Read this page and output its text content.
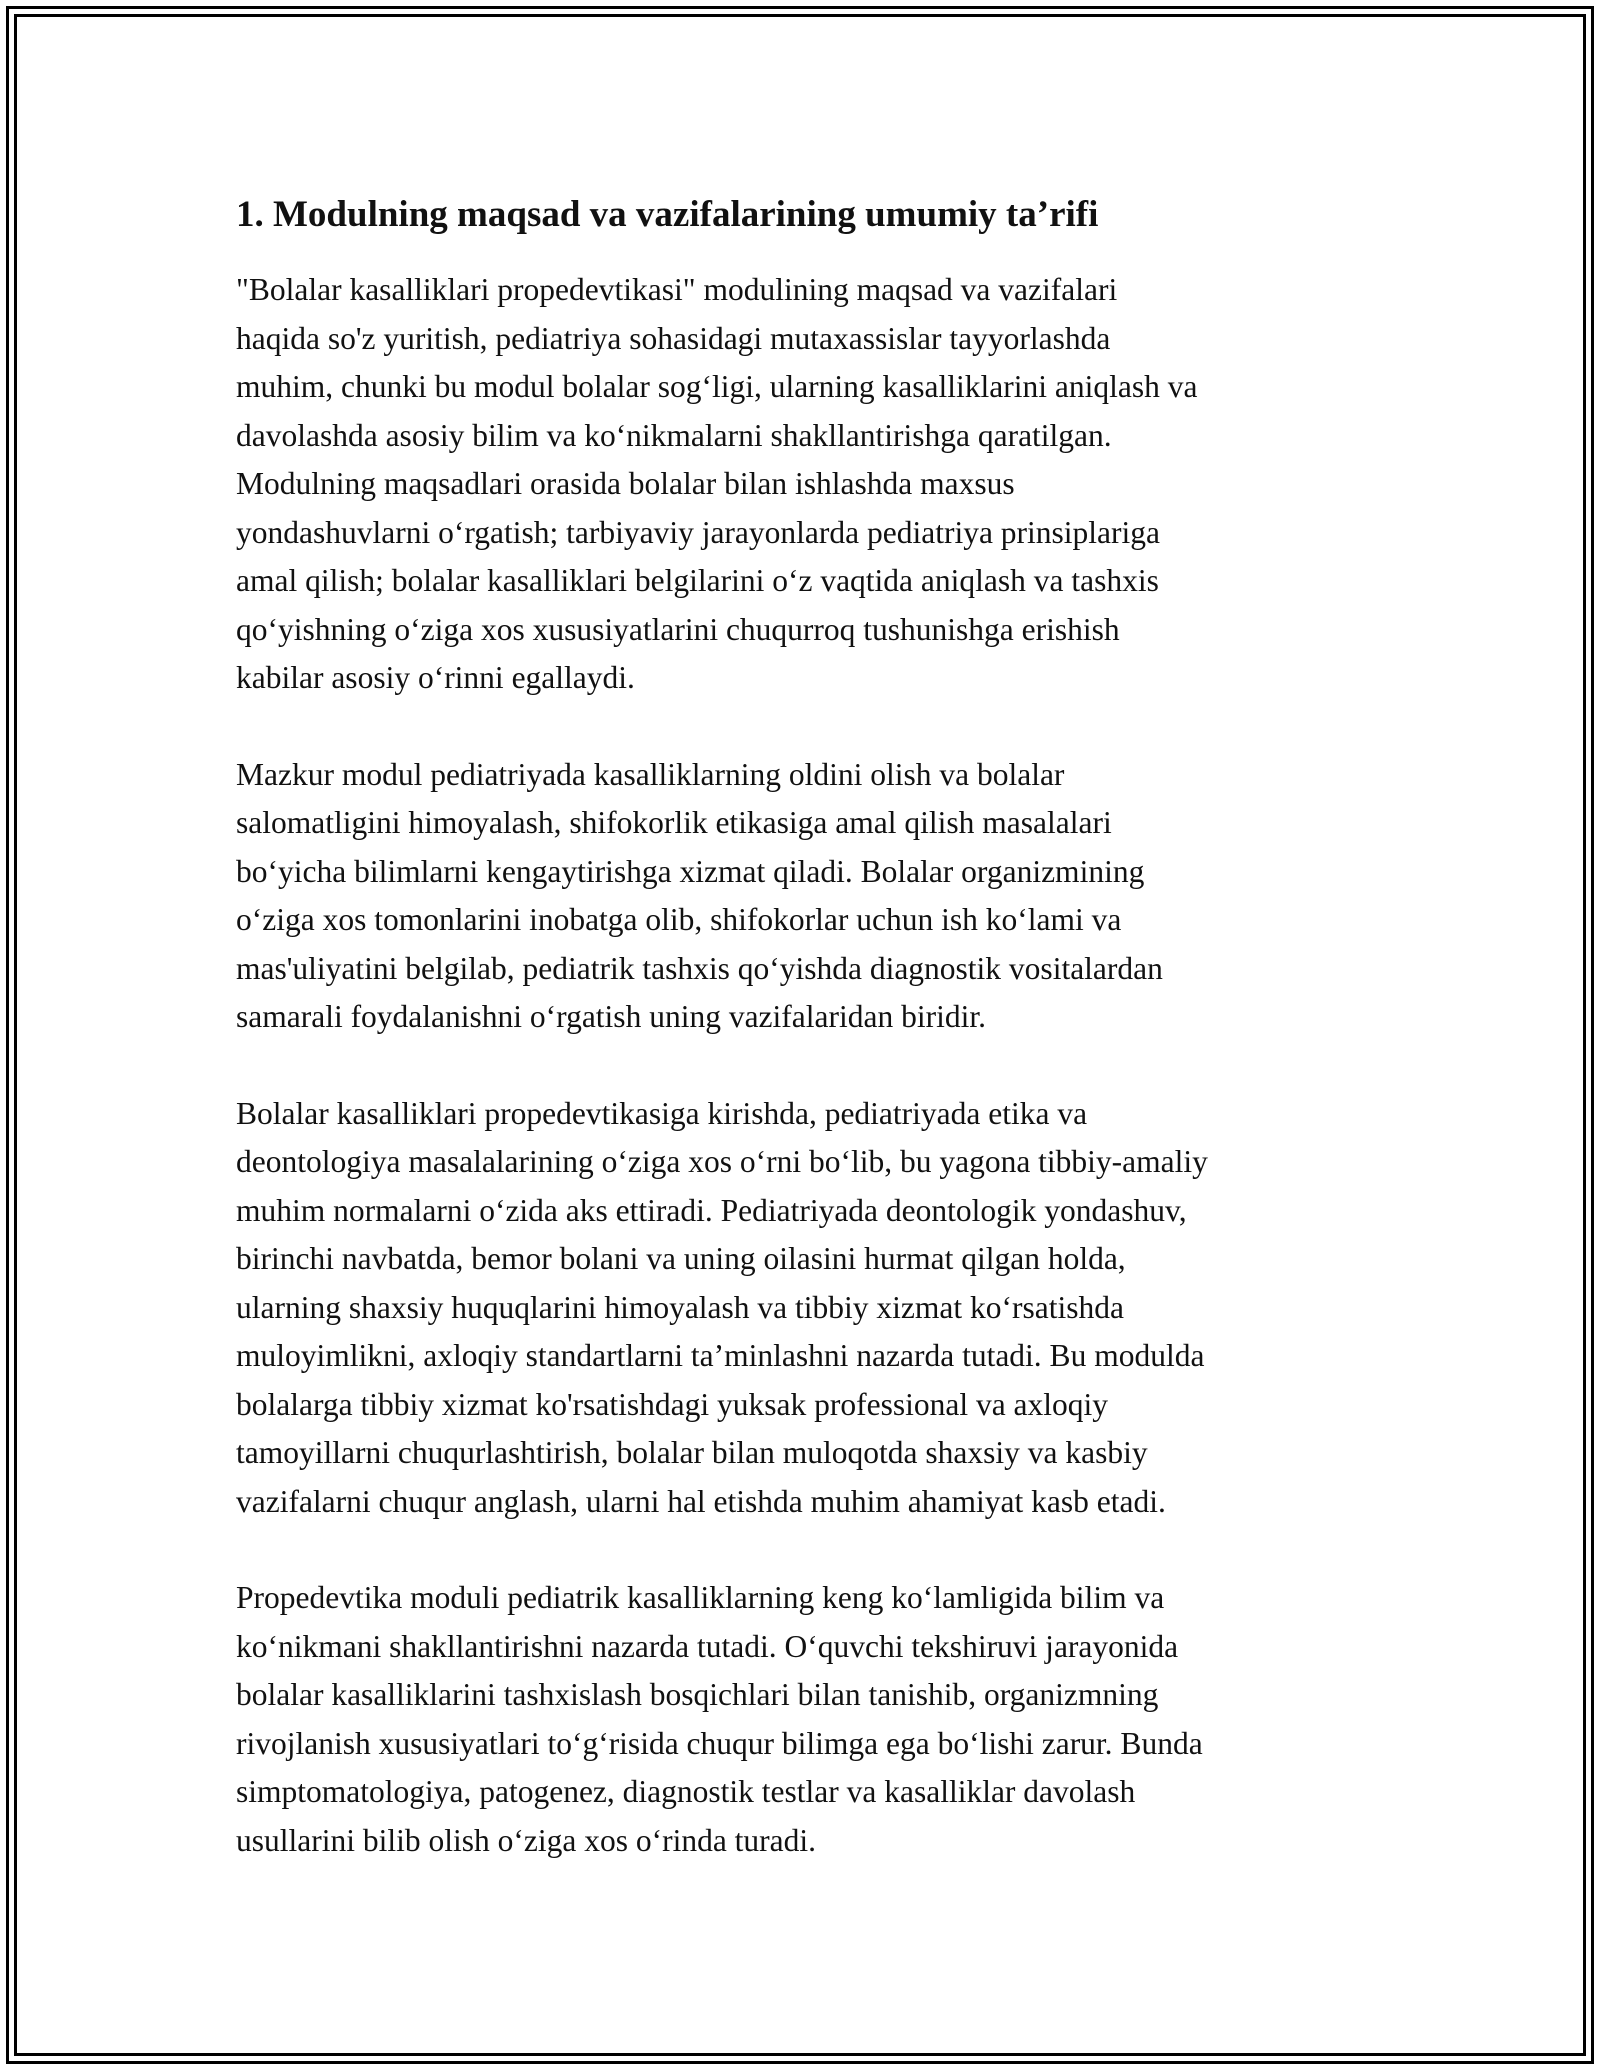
1. Modulning maqsad va vazifalarining umumiy ta’rifi

"Bolalar kasalliklari propedevtikasi" modulining maqsad va vazifalari
haqida so'z yuritish, pediatriya sohasidagi mutaxassislar tayyorlashda
muhim, chunki bu modul bolalar sog‘ligi, ularning kasalliklarini aniqlash va
davolashda asosiy bilim va ko‘nikmalarni shakllantirishga qaratilgan.
Modulning maqsadlari orasida bolalar bilan ishlashda maxsus
yondashuvlarni o‘rgatish; tarbiyaviy jarayonlarda pediatriya prinsiplariga
amal qilish; bolalar kasalliklari belgilarini o‘z vaqtida aniqlash va tashxis
qo‘yishning o‘ziga xos xususiyatlarini chuqurroq tushunishga erishish
kabilar asosiy o‘rinni egallaydi.

Mazkur modul pediatriyada kasalliklarning oldini olish va bolalar
salomatligini himoyalash, shifokorlik etikasiga amal qilish masalalari
bo‘yicha bilimlarni kengaytirishga xizmat qiladi. Bolalar organizmining
o‘ziga xos tomonlarini inobatga olib, shifokorlar uchun ish ko‘lami va
mas'uliyatini belgilab, pediatrik tashxis qo‘yishda diagnostik vositalardan
samarali foydalanishni o‘rgatish uning vazifalaridan biridir.

Bolalar kasalliklari propedevtikasiga kirishda, pediatriyada etika va
deontologiya masalalarining o‘ziga xos o‘rni bo‘lib, bu yagona tibbiy-amaliy
muhim normalarni o‘zida aks ettiradi. Pediatriyada deontologik yondashuv,
birinchi navbatda, bemor bolani va uning oilasini hurmat qilgan holda,
ularning shaxsiy huquqlarini himoyalash va tibbiy xizmat ko‘rsatishda
muloyimlikni, axloqiy standartlarni ta’minlashni nazarda tutadi. Bu modulda
bolalarga tibbiy xizmat ko'rsatishdagi yuksak professional va axloqiy
tamoyillarni chuqurlashtirish, bolalar bilan muloqotda shaxsiy va kasbiy
vazifalarni chuqur anglash, ularni hal etishda muhim ahamiyat kasb etadi.

Propedevtika moduli pediatrik kasalliklarning keng ko‘lamligida bilim va
ko‘nikmani shakllantirishni nazarda tutadi. O‘quvchi tekshiruvi jarayonida
bolalar kasalliklarini tashxislash bosqichlari bilan tanishib, organizmning
rivojlanish xususiyatlari to‘g‘risida chuqur bilimga ega bo‘lishi zarur. Bunda
simptomatologiya, patogenez, diagnostik testlar va kasalliklar davolash
usullarini bilib olish o‘ziga xos o‘rinda turadi.
